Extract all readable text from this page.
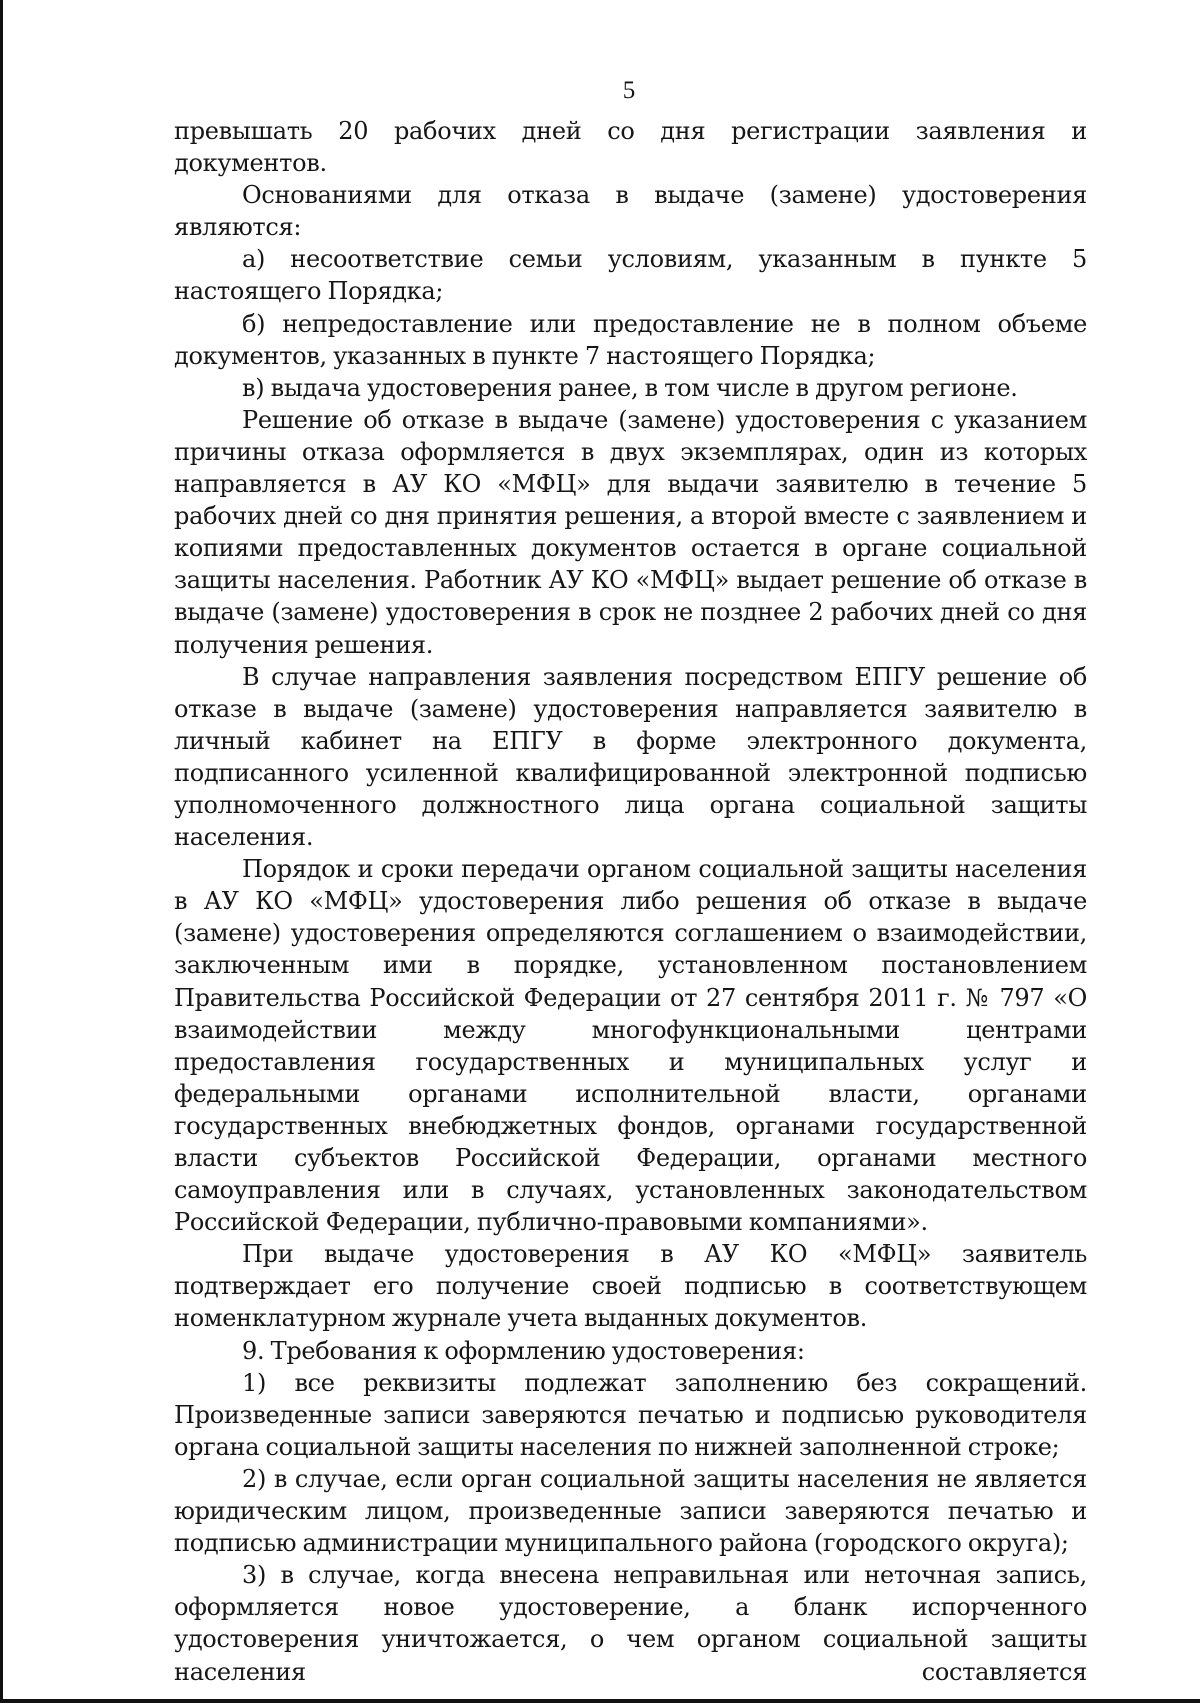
5

превышать 20 рабочих дней со дня регистрации заявления и документов.

Основаниями для отказа в выдаче (замене) удостоверения являются:

а) несоответствие семьи условиям, указанным в пункте 5 настоящего Порядка;

б) непредоставление или предоставление не в полном объеме документов, указанных в пункте 7 настоящего Порядка;

в) выдача удостоверения ранее, в том числе в другом регионе.

Решение об отказе в выдаче (замене) удостоверения с указанием причины отказа оформляется в двух экземплярах, один из которых направляется в АУ КО «МФЦ» для выдачи заявителю в течение 5 рабочих дней со дня принятия решения, а второй вместе с заявлением и копиями предоставленных документов остается в органе социальной защиты населения. Работник АУ КО «МФЦ» выдает решение об отказе в выдаче (замене) удостоверения в срок не позднее 2 рабочих дней со дня получения решения.

В случае направления заявления посредством ЕПГУ решение об отказе в выдаче (замене) удостоверения направляется заявителю в личный кабинет на ЕПГУ в форме электронного документа, подписанного усиленной квалифицированной электронной подписью уполномоченного должностного лица органа социальной защиты населения.

Порядок и сроки передачи органом социальной защиты населения в АУ КО «МФЦ» удостоверения либо решения об отказе в выдаче (замене) удостоверения определяются соглашением о взаимодействии, заключенным ими в порядке, установленном постановлением Правительства Российской Федерации от 27 сентября 2011 г. № 797 «О взаимодействии между многофункциональными центрами предоставления государственных и муниципальных услуг и федеральными органами исполнительной власти, органами государственных внебюджетных фондов, органами государственной власти субъектов Российской Федерации, органами местного самоуправления или в случаях, установленных законодательством Российской Федерации, публично-правовыми компаниями».

При выдаче удостоверения в АУ КО «МФЦ» заявитель подтверждает его получение своей подписью в соответствующем номенклатурном журнале учета выданных документов.

9. Требования к оформлению удостоверения:

1) все реквизиты подлежат заполнению без сокращений. Произведенные записи заверяются печатью и подписью руководителя органа социальной защиты населения по нижней заполненной строке;

2) в случае, если орган социальной защиты населения не является юридическим лицом, произведенные записи заверяются печатью и подписью администрации муниципального района (городского округа);

3) в случае, когда внесена неправильная или неточная запись, оформляется новое удостоверение, а бланк испорченного удостоверения уничтожается, о чем органом социальной защиты населения составляется
